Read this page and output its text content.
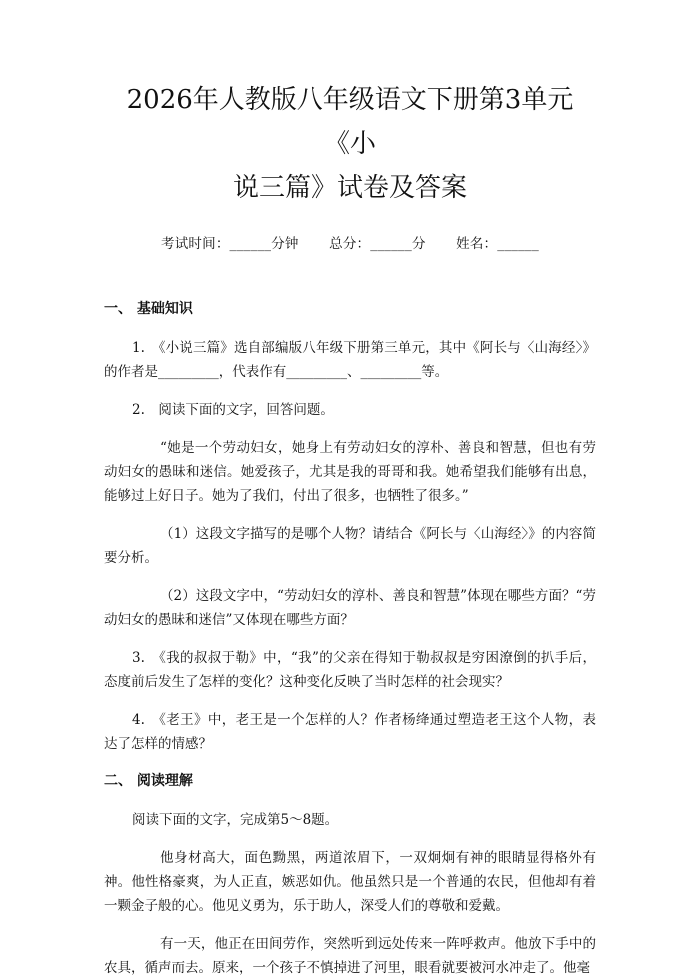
2026年人教版八年级语文下册第3单元《小
说三篇》试卷及答案
考试时间：______分钟 总分：______分 姓名：______
一、 基础知识

1.　《小说三篇》选自部编版八年级下册第三单元，其中《阿长与〈山海经〉》的作者是_________，代表作有_________、_________等。

2.　阅读下面的文字，回答问题。

“她是一个劳动妇女，她身上有劳动妇女的淳朴、善良和智慧，但也有劳动妇女的愚昧和迷信。她爱孩子，尤其是我的哥哥和我。她希望我们能够有出息，能够过上好日子。她为了我们，付出了很多，也牺牲了很多。”

（1）这段文字描写的是哪个人物？请结合《阿长与〈山海经〉》的内容简要分析。

（2）这段文字中，“劳动妇女的淳朴、善良和智慧”体现在哪些方面？“劳动妇女的愚昧和迷信”又体现在哪些方面？

3.　《我的叔叔于勒》中，“我”的父亲在得知于勒叔叔是穷困潦倒的扒手后，态度前后发生了怎样的变化？这种变化反映了当时怎样的社会现实？

4.　《老王》中，老王是一个怎样的人？作者杨绛通过塑造老王这个人物，表达了怎样的情感？

二、 阅读理解

阅读下面的文字，完成第5～8题。

他身材高大，面色黝黑，两道浓眉下，一双炯炯有神的眼睛显得格外有神。他性格豪爽，为人正直，嫉恶如仇。他虽然只是一个普通的农民，但他却有着一颗金子般的心。他见义勇为，乐于助人，深受人们的尊敬和爱戴。

有一天，他正在田间劳作，突然听到远处传来一阵呼救声。他放下手中的农具，循声而去。原来，一个孩子不慎掉进了河里，眼看就要被河水冲走了。他毫
